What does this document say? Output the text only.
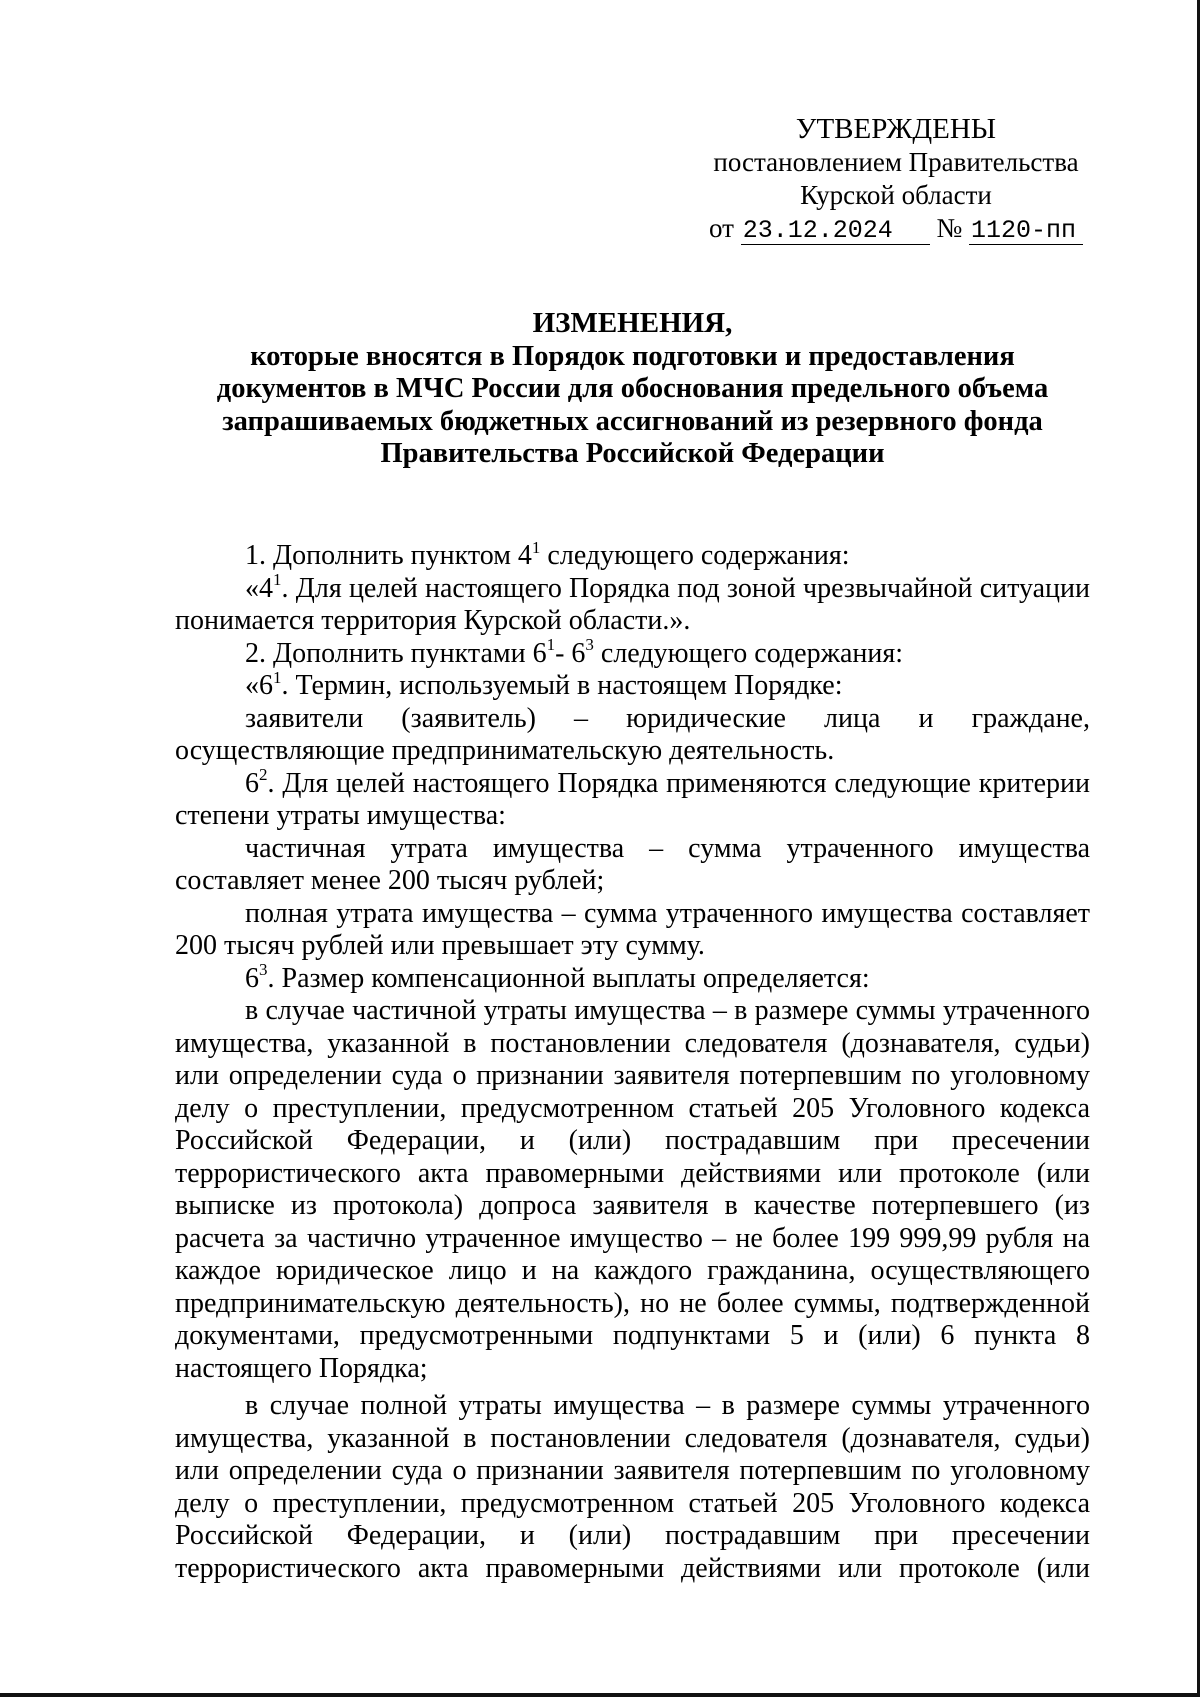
УТВЕРЖДЕНЫ
постановлением Правительства
Курской области
от 23.12.2024 № 1120-пп
ИЗМЕНЕНИЯ,
которые вносятся в Порядок подготовки и предоставления документов в МЧС России для обоснования предельного объема запрашиваемых бюджетных ассигнований из резервного фонда Правительства Российской Федерации

1. Дополнить пунктом $4^1$ следующего содержания:

«$4^1$. Для целей настоящего Порядка под зоной чрезвычайной ситуации понимается территория Курской области.».

2. Дополнить пунктами $6^1-$ $6^3$ следующего содержания:

«$6^1$. Термин, используемый в настоящем Порядке:

заявители (заявитель) – юридические лица и граждане, осуществляющие предпринимательскую деятельность.

$6^2$. Для целей настоящего Порядка применяются следующие критерии степени утраты имущества:

частичная утрата имущества – сумма утраченного имущества составляет менее 200 тысяч рублей;

полная утрата имущества – сумма утраченного имущества составляет 200 тысяч рублей или превышает эту сумму.

$6^3$. Размер компенсационной выплаты определяется:

в случае частичной утраты имущества – в размере суммы утраченного имущества, указанной в постановлении следователя (дознавателя, судьи) или определении суда о признании заявителя потерпевшим по уголовному делу о преступлении, предусмотренном статьей 205 Уголовного кодекса Российской Федерации, и (или) пострадавшим при пресечении террористического акта правомерными действиями или протоколе (или выписке из протокола) допроса заявителя в качестве потерпевшего (из расчета за частично утраченное имущество – не более 199 999,99 рубля на каждое юридическое лицо и на каждого гражданина, осуществляющего предпринимательскую деятельность), но не более суммы, подтвержденной документами, предусмотренными подпунктами 5 и (или) 6 пункта 8 настоящего Порядка;

в случае полной утраты имущества – в размере суммы утраченного имущества, указанной в постановлении следователя (дознавателя, судьи) или определении суда о признании заявителя потерпевшим по уголовному делу о преступлении, предусмотренном статьей 205 Уголовного кодекса Российской Федерации, и (или) пострадавшим при пресечении террористического акта правомерными действиями или протоколе (или
